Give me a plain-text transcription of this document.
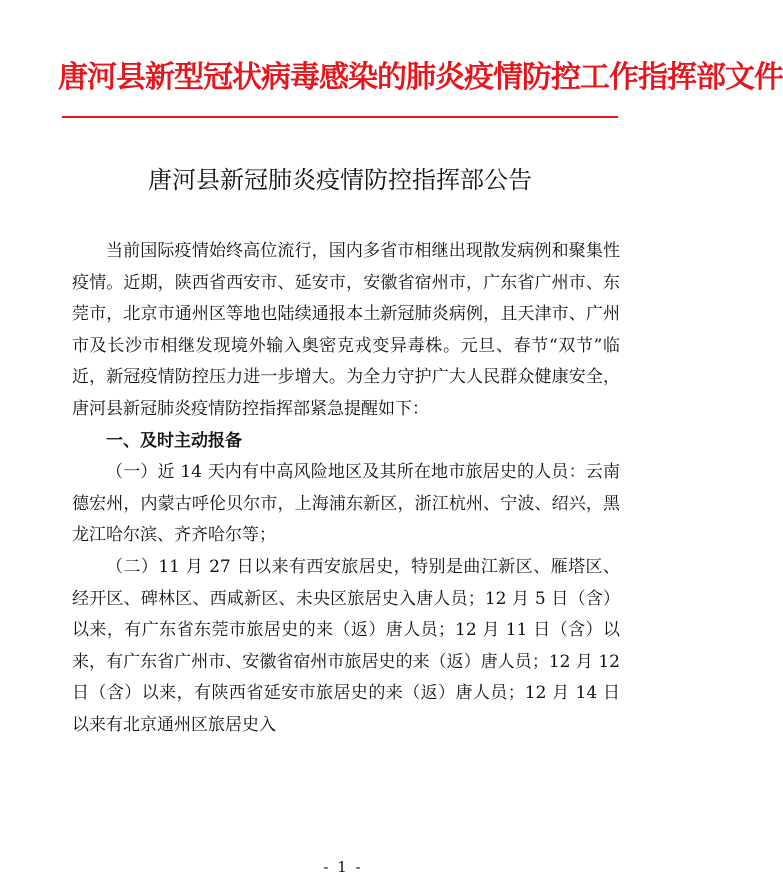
唐河县新型冠状病毒感染的肺炎疫情防控工作指挥部文件
唐河县新冠肺炎疫情防控指挥部公告

当前国际疫情始终高位流行，国内多省市相继出现散发病例和聚集性疫情。近期，陕西省西安市、延安市，安徽省宿州市，广东省广州市、东莞市，北京市通州区等地也陆续通报本土新冠肺炎病例，且天津市、广州市及长沙市相继发现境外输入奥密克戎变异毒株。元旦、春节“双节”临近，新冠疫情防控压力进一步增大。为全力守护广大人民群众健康安全，唐河县新冠肺炎疫情防控指挥部紧急提醒如下：

一、及时主动报备

（一）近 14 天内有中高风险地区及其所在地市旅居史的人员：云南德宏州，内蒙古呼伦贝尔市，上海浦东新区，浙江杭州、宁波、绍兴，黑龙江哈尔滨、齐齐哈尔等；

（二）11 月 27 日以来有西安旅居史，特别是曲江新区、雁塔区、经开区、碑林区、西咸新区、未央区旅居史入唐人员；12 月 5 日（含）以来，有广东省东莞市旅居史的来（返）唐人员；12 月 11 日（含）以来，有广东省广州市、安徽省宿州市旅居史的来（返）唐人员；12 月 12 日（含）以来，有陕西省延安市旅居史的来（返）唐人员；12 月 14 日以来有北京通州区旅居史入

- 1 -
